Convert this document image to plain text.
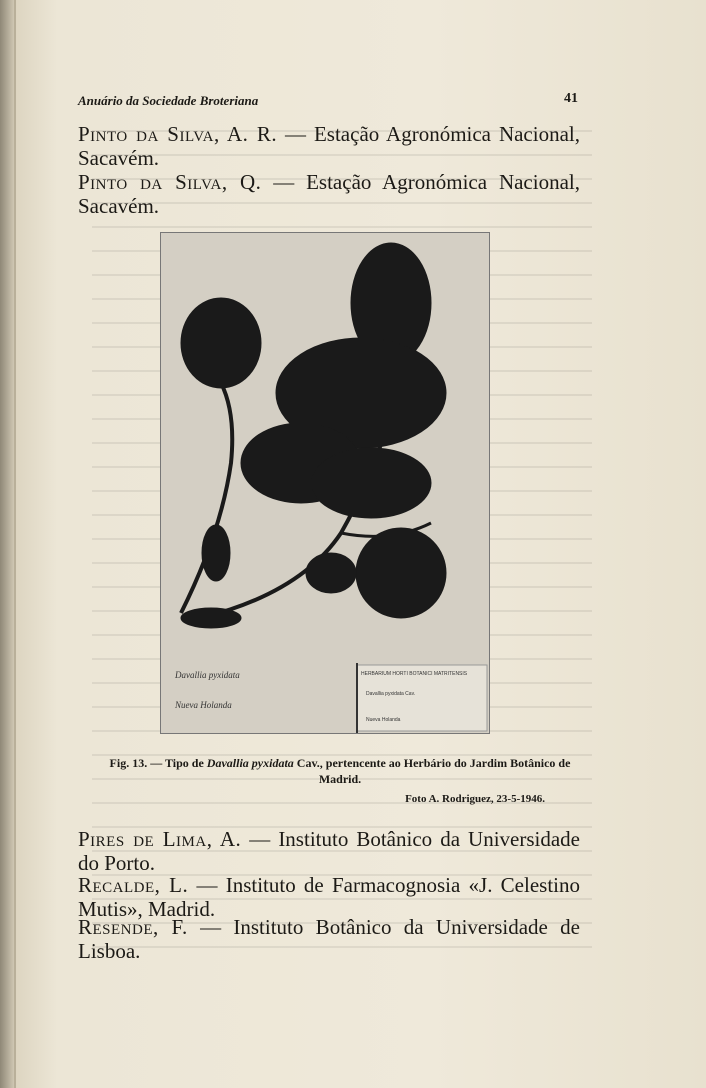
Anuário da Sociedade Broteriana	41
Pinto da Silva, A. R. — Estação Agronómica Nacional, Sacavém.
Pinto da Silva, Q. — Estação Agronómica Nacional, Sacavém.
Davallia pyxidata
Nueva Holanda
HERBARIUM HORTI BOTANICI MATRITENSIS
Davallia pyxidata Cav.
Nueva Holanda
Fig. 13. — Tipo de Davallia pyxidata Cav., pertencente ao Herbário do Jardim Botânico de Madrid.
Foto A. Rodriguez, 23-5-1946.
Pires de Lima, A. — Instituto Botânico da Universidade do Porto.
Recalde, L. — Instituto de Farmacognosia «J. Celestino Mutis», Madrid.
Resende, F. — Instituto Botânico da Universidade de Lisboa.
